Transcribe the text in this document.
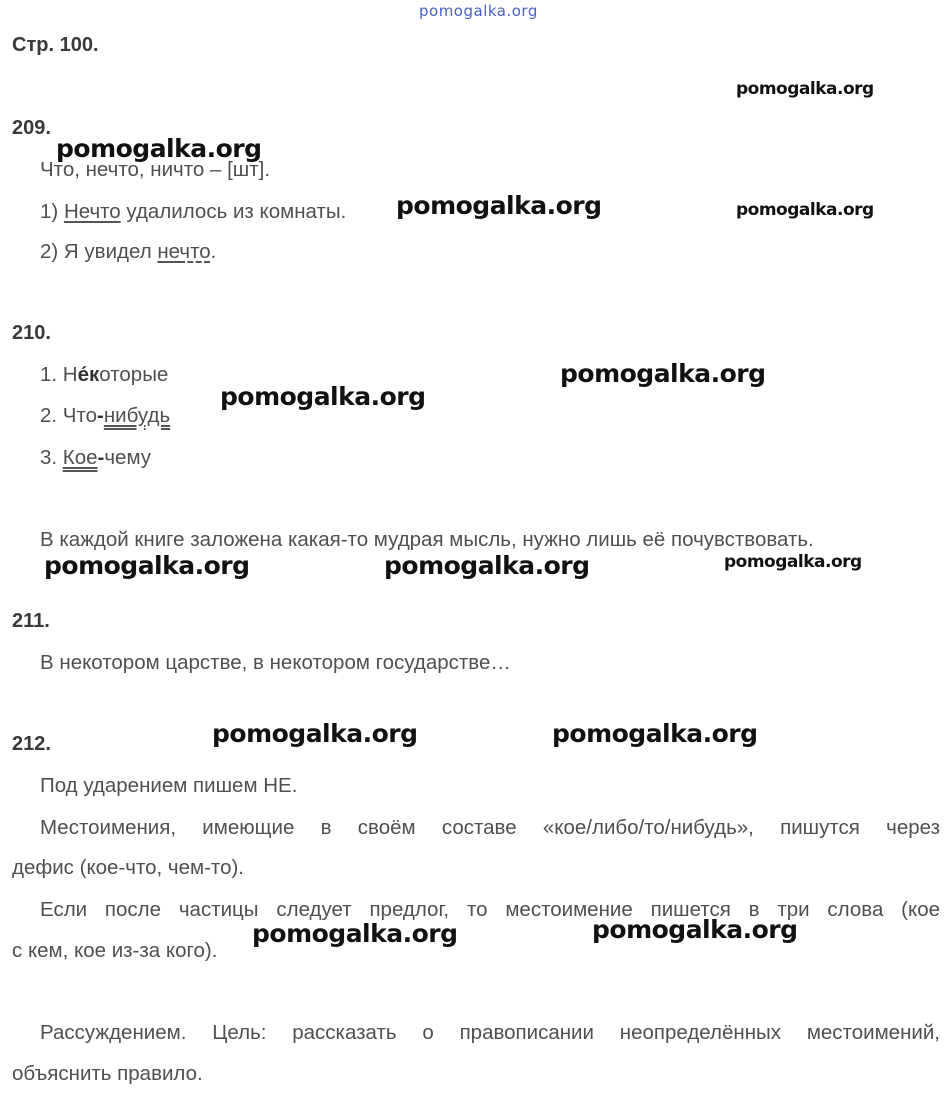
pomogalka.org
Стр. 100.
209.
Что, нечто, ничто – [шт].
1) Нечто удалилось из комнаты.
2) Я увидел нечто.
210.
1. Не́которые
2. Что-нибудь
3. Кое-чему
В каждой книге заложена какая-то мудрая мысль, нужно лишь её почувствовать.
211.
В некотором царстве, в некотором государстве…
212.
Под ударением пишем НЕ.
Местоимения, имеющие в своём составе «кое/либо/то/нибудь», пишутся через
дефис (кое-что, чем-то).
Если после частицы следует предлог, то местоимение пишется в три слова (кое
с кем, кое из-за кого).
Рассуждением. Цель: рассказать о правописании неопределённых местоимений,
объяснить правило.
pomogalka.org
pomogalka.org
pomogalka.org	pomogalka.org
pomogalka.org
pomogalka.org
pomogalka.org	pomogalka.org	pomogalka.org
pomogalka.org	pomogalka.org
pomogalka.org	pomogalka.org
